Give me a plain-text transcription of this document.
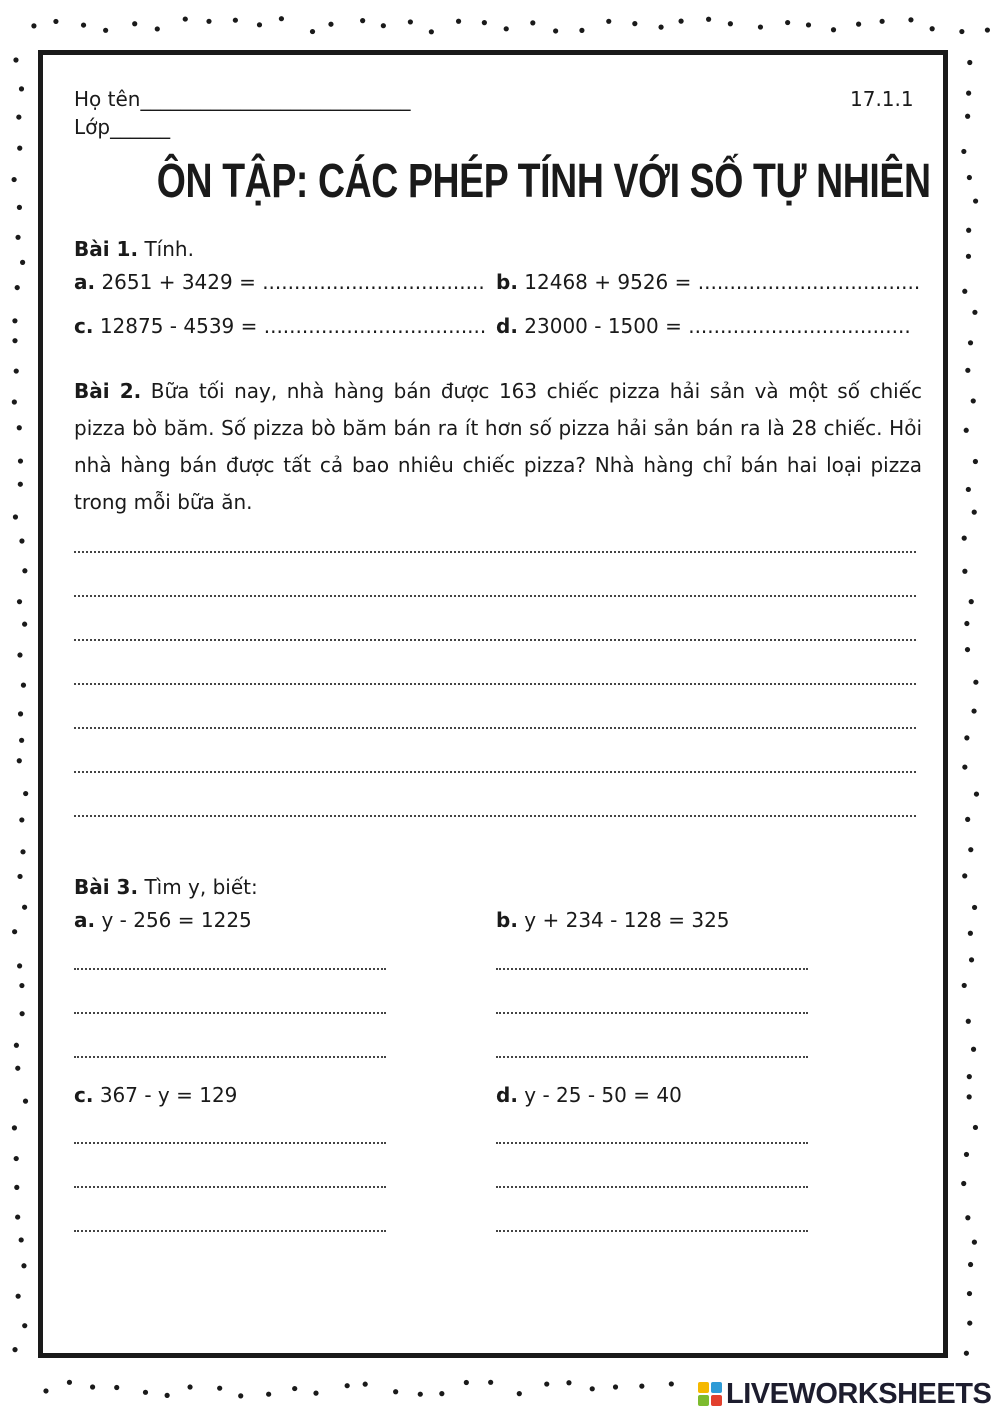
Họ tên___________________________
Lớp______
17.1.1
ÔN TẬP: CÁC PHÉP TÍNH VỚI SỐ TỰ NHIÊN
Bài 1. Tính.
a. 2651 + 3429 = ................................... b. 12468 + 9526 = ...................................
c. 12875 - 4539 = ................................... d. 23000 - 1500 = ...................................
Bài 2. Bữa tối nay, nhà hàng bán được 163 chiếc pizza hải sản và một số chiếc pizza bò băm. Số pizza bò băm bán ra ít hơn số pizza hải sản bán ra là 28 chiếc. Hỏi nhà hàng bán được tất cả bao nhiêu chiếc pizza? Nhà hàng chỉ bán hai loại pizza trong mỗi bữa ăn.
Bài 3. Tìm y, biết:
a. y - 256 = 1225	b. y + 234 - 128 = 325
c. 367 - y = 129	d. y - 25 - 50 = 40
LIVEWORKSHEETS
